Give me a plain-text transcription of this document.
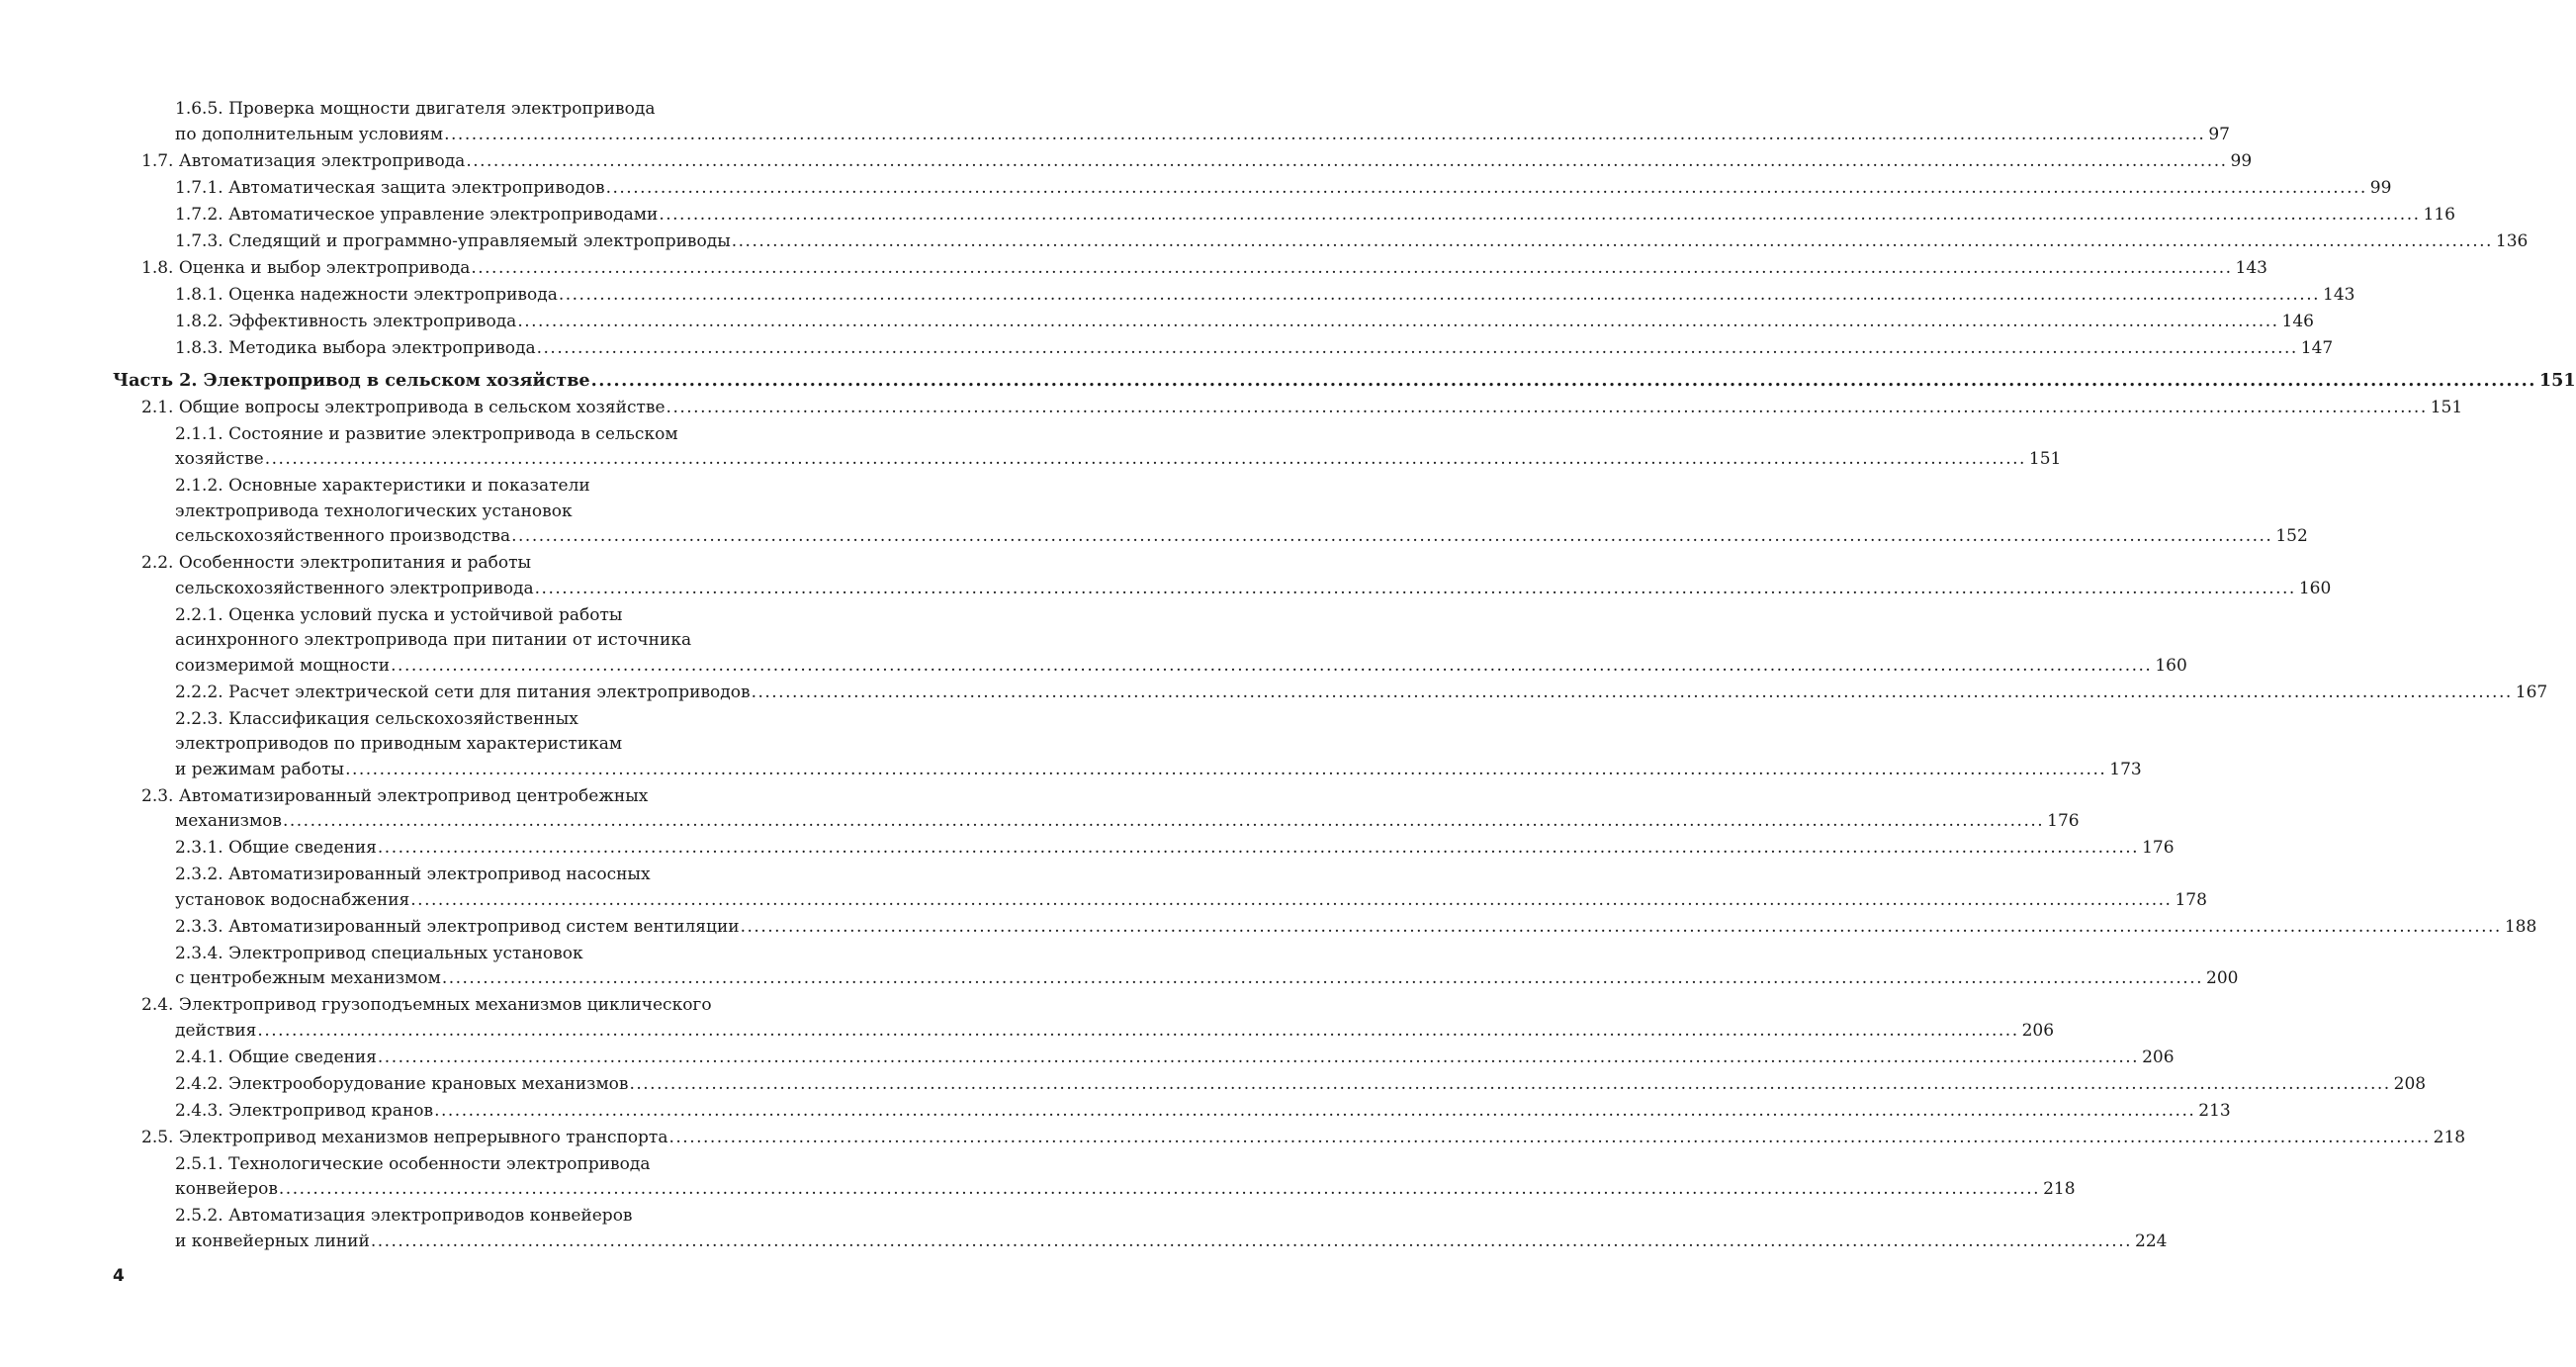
1.6.5. Проверка мощности двигателя электропривода
по дополнительным условиям .....	97
1.7. Автоматизация электропривода .....	99
1.7.1. Автоматическая защита электроприводов .....	99
1.7.2. Автоматическое управление электроприводами .....	116
1.7.3. Следящий и программно-управляемый электроприводы .....	136
1.8. Оценка и выбор электропривода .....	143
1.8.1. Оценка надежности электропривода .....	143
1.8.2. Эффективность электропривода .....	146
1.8.3. Методика выбора электропривода .....	147
Часть 2. Электропривод в сельском хозяйстве .....	151
2.1. Общие вопросы электропривода в сельском хозяйстве .....	151
2.1.1. Состояние и развитие электропривода в сельском
хозяйстве .....	151
2.1.2. Основные характеристики и показатели
электропривода технологических установок
сельскохозяйственного производства .....	152
2.2. Особенности электропитания и работы
сельскохозяйственного электропривода .....	160
2.2.1. Оценка условий пуска и устойчивой работы
асинхронного электропривода при питании от источника
соизмеримой мощности .....	160
2.2.2. Расчет электрической сети для питания электроприводов .....	167
2.2.3. Классификация сельскохозяйственных
электроприводов по приводным характеристикам
и режимам работы .....	173
2.3. Автоматизированный электропривод центробежных
механизмов .....	176
2.3.1. Общие сведения .....	176
2.3.2. Автоматизированный электропривод насосных
установок водоснабжения .....	178
2.3.3. Автоматизированный электропривод систем вентиляции .....	188
2.3.4. Электропривод специальных установок
с центробежным механизмом .....	200
2.4. Электропривод грузоподъемных механизмов циклического
действия .....	206
2.4.1. Общие сведения .....	206
2.4.2. Электрооборудование крановых механизмов .....	208
2.4.3. Электропривод кранов .....	213
2.5. Электропривод механизмов непрерывного транспорта .....	218
2.5.1. Технологические особенности электропривода
конвейеров .....	218
2.5.2. Автоматизация электроприводов конвейеров
и конвейерных линий .....	224
4
